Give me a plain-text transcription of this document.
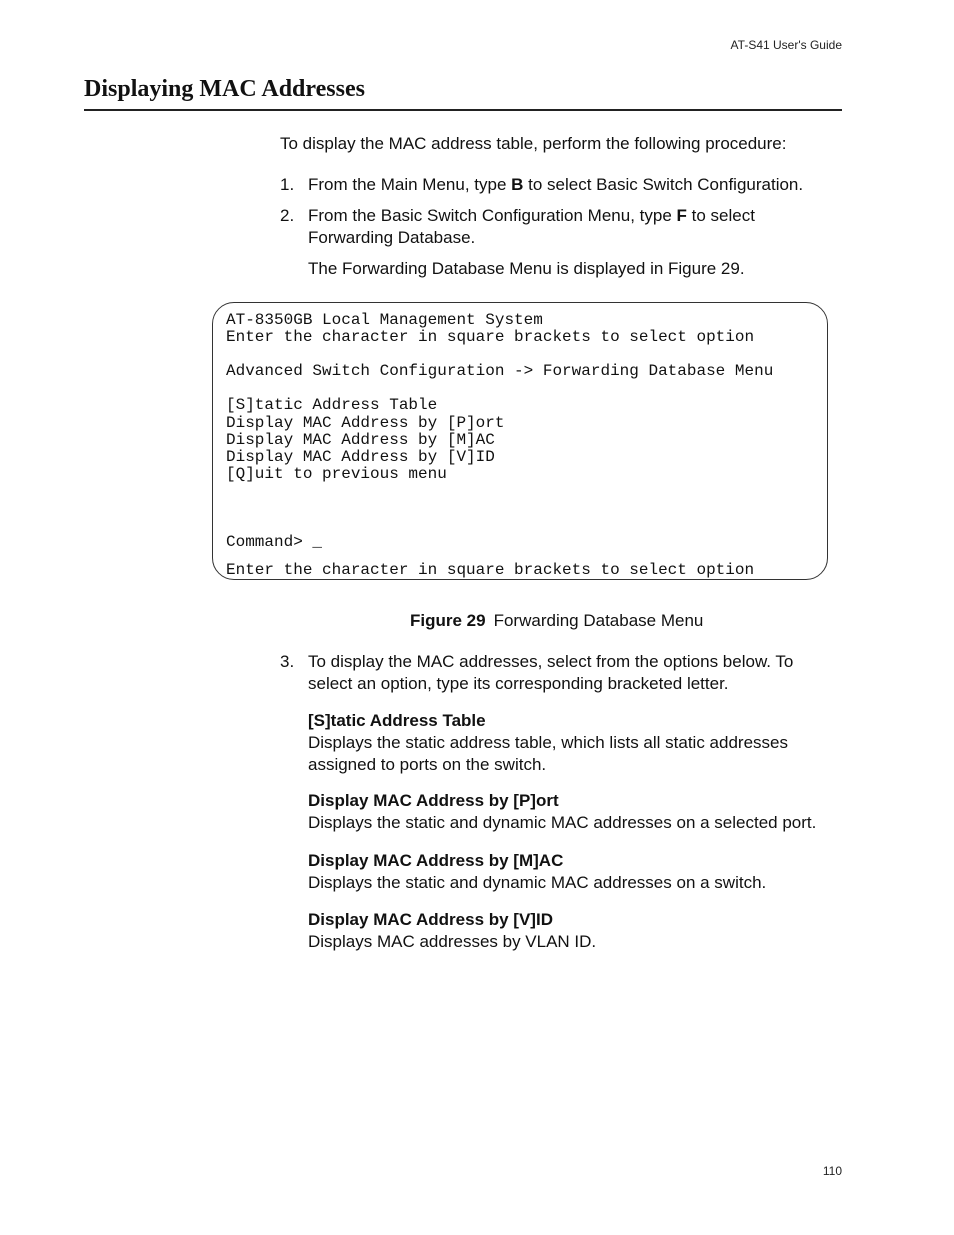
AT-S41 User's Guide
Displaying MAC Addresses

To display the MAC address table, perform the following procedure:

1. From the Main Menu, type B to select Basic Switch Configuration.
2. From the Basic Switch Configuration Menu, type F to select Forwarding Database.
The Forwarding Database Menu is displayed in Figure 29.
AT-8350GB Local Management System
Enter the character in square brackets to select option

Advanced Switch Configuration -> Forwarding Database Menu

[S]tatic Address Table
Display MAC Address by [P]ort
Display MAC Address by [M]AC
Display MAC Address by [V]ID
[Q]uit to previous menu

Command> _
Enter the character in square brackets to select option
Figure 29 Forwarding Database Menu
3. To display the MAC addresses, select from the options below. To select an option, type its corresponding bracketed letter.
[S]tatic Address Table
Displays the static address table, which lists all static addresses assigned to ports on the switch.
Display MAC Address by [P]ort
Displays the static and dynamic MAC addresses on a selected port.
Display MAC Address by [M]AC
Displays the static and dynamic MAC addresses on a switch.
Display MAC Address by [V]ID
Displays MAC addresses by VLAN ID.
110
